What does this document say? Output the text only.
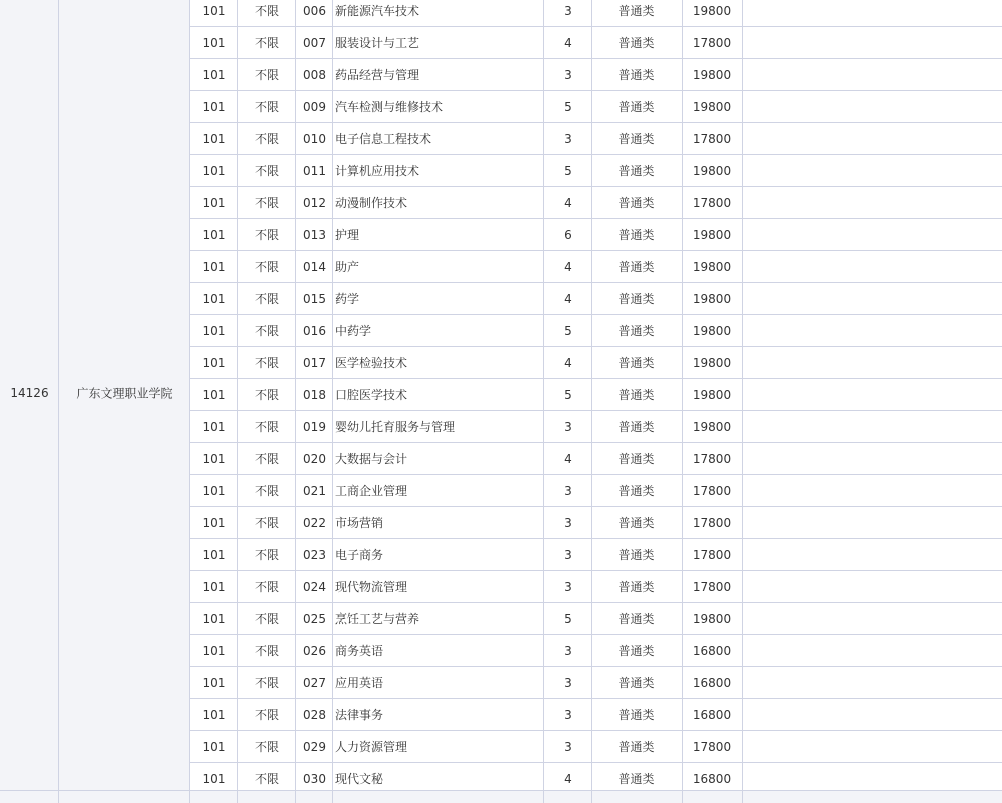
14126	广东文理职业学院
101	不限	006 新能源汽车技术	3	普通类	19800
101	不限	007 服装设计与工艺	4	普通类	17800
101	不限	008 药品经营与管理	3	普通类	19800
101	不限	009 汽车检测与维修技术	5	普通类	19800
101	不限	010 电子信息工程技术	3	普通类	17800
101	不限	011 计算机应用技术	5	普通类	19800
101	不限	012 动漫制作技术	4	普通类	17800
101	不限	013 护理	6	普通类	19800
101	不限	014 助产	4	普通类	19800
101	不限	015 药学	4	普通类	19800
101	不限	016 中药学	5	普通类	19800
101	不限	017 医学检验技术	4	普通类	19800
101	不限	018 口腔医学技术	5	普通类	19800
101	不限	019 婴幼儿托育服务与管理	3	普通类	19800
101	不限	020 大数据与会计	4	普通类	17800
101	不限	021 工商企业管理	3	普通类	17800
101	不限	022 市场营销	3	普通类	17800
101	不限	023 电子商务	3	普通类	17800
101	不限	024 现代物流管理	3	普通类	17800
101	不限	025 烹饪工艺与营养	5	普通类	19800
101	不限	026 商务英语	3	普通类	16800
101	不限	027 应用英语	3	普通类	16800
101	不限	028 法律事务	3	普通类	16800
101	不限	029 人力资源管理	3	普通类	17800
101	不限	030 现代文秘	4	普通类	16800
